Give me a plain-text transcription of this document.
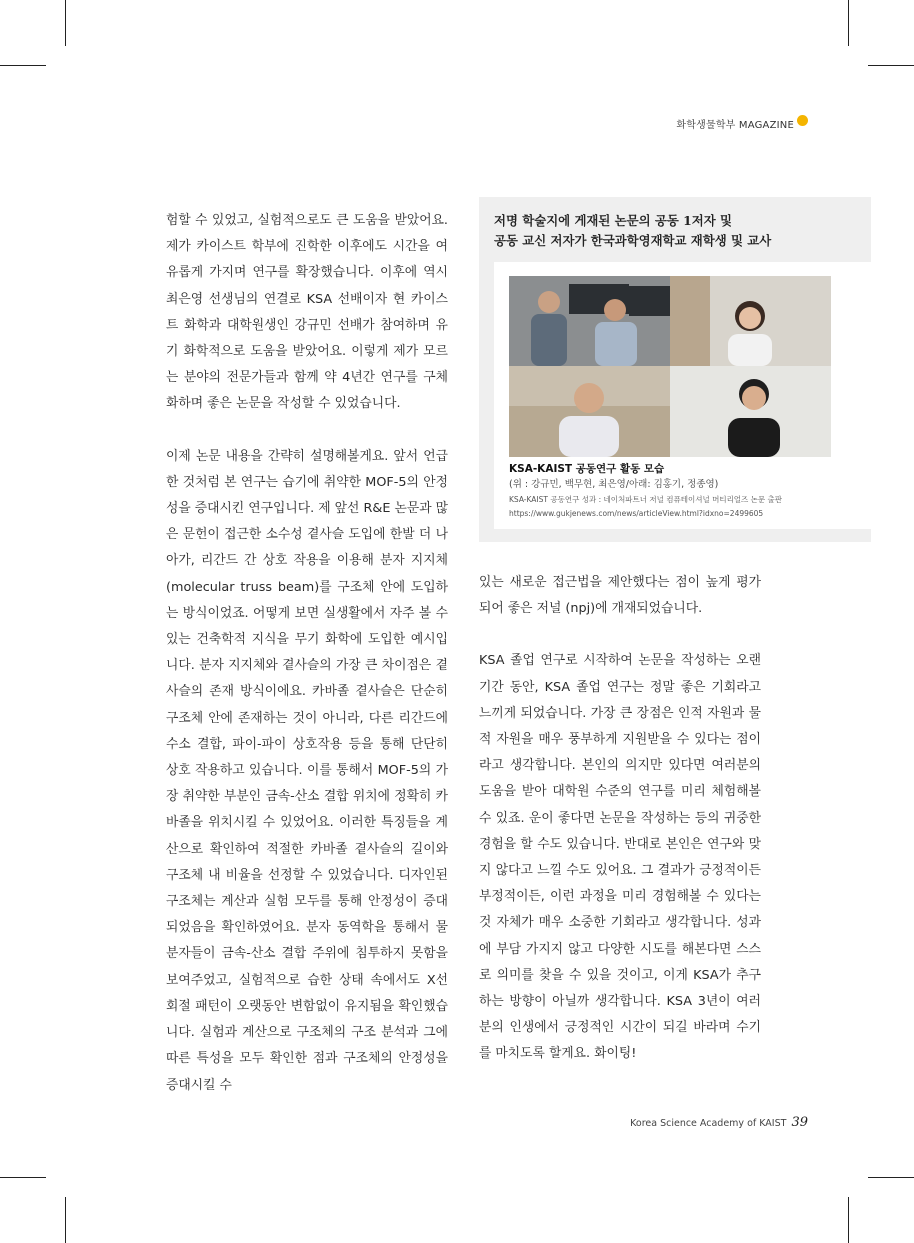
화학생물학부 MAGAZINE

험할 수 있었고, 실험적으로도 큰 도움을 받았어요. 제가 카이스트 학부에 진학한 이후에도 시간을 여유롭게 가지며 연구를 확장했습니다. 이후에 역시 최은영 선생님의 연결로 KSA 선배이자 현 카이스트 화학과 대학원생인 강규민 선배가 참여하며 유기 화학적으로 도움을 받았어요. 이렇게 제가 모르는 분야의 전문가들과 함께 약 4년간 연구를 구체화하며 좋은 논문을 작성할 수 있었습니다.

이제 논문 내용을 간략히 설명해볼게요. 앞서 언급한 것처럼 본 연구는 습기에 취약한 MOF-5의 안정성을 증대시킨 연구입니다. 제 앞선 R&E 논문과 많은 문헌이 접근한 소수성 곁사슬 도입에 한발 더 나아가, 리간드 간 상호 작용을 이용해 분자 지지체(molecular truss beam)를 구조체 안에 도입하는 방식이었죠. 어떻게 보면 실생활에서 자주 볼 수 있는 건축학적 지식을 무기 화학에 도입한 예시입니다. 분자 지지체와 곁사슬의 가장 큰 차이점은 곁사슬의 존재 방식이에요. 카바졸 곁사슬은 단순히 구조체 안에 존재하는 것이 아니라, 다른 리간드에 수소 결합, 파이-파이 상호작용 등을 통해 단단히 상호 작용하고 있습니다. 이를 통해서 MOF-5의 가장 취약한 부분인 금속-산소 결합 위치에 정확히 카바졸을 위치시킬 수 있었어요. 이러한 특징들을 계산으로 확인하여 적절한 카바졸 곁사슬의 길이와 구조체 내 비율을 선정할 수 있었습니다. 디자인된 구조체는 계산과 실험 모두를 통해 안정성이 증대되었음을 확인하였어요. 분자 동역학을 통해서 물 분자들이 금속-산소 결합 주위에 침투하지 못함을 보여주었고, 실험적으로 습한 상태 속에서도 X선 회절 패턴이 오랫동안 변함없이 유지됨을 확인했습니다. 실험과 계산으로 구조체의 구조 분석과 그에 따른 특성을 모두 확인한 점과 구조체의 안정성을 증대시킬 수

저명 학술지에 게재된 논문의 공동 1저자 및
공동 교신 저자가 한국과학영재학교 재학생 및 교사
KSA-KAIST 공동연구 활동 모습
(위 : 강규민, 백무현, 최은영/아래: 김홍기, 정종영)
KSA-KAIST 공동연구 성과 : 네이처파트너 저널 컴퓨테이셔널 머티리얼즈 논문 출판
https://www.gukjenews.com/news/articleView.html?idxno=2499605

있는 새로운 접근법을 제안했다는 점이 높게 평가되어 좋은 저널 (npj)에 개재되었습니다.

KSA 졸업 연구로 시작하여 논문을 작성하는 오랜 기간 동안, KSA 졸업 연구는 정말 좋은 기회라고 느끼게 되었습니다. 가장 큰 장점은 인적 자원과 물적 자원을 매우 풍부하게 지원받을 수 있다는 점이라고 생각합니다. 본인의 의지만 있다면 여러분의 도움을 받아 대학원 수준의 연구를 미리 체험해볼 수 있죠. 운이 좋다면 논문을 작성하는 등의 귀중한 경험을 할 수도 있습니다. 반대로 본인은 연구와 맞지 않다고 느낄 수도 있어요. 그 결과가 긍정적이든 부정적이든, 이런 과정을 미리 경험해볼 수 있다는 것 자체가 매우 소중한 기회라고 생각합니다. 성과에 부담 가지지 않고 다양한 시도를 해본다면 스스로 의미를 찾을 수 있을 것이고, 이게 KSA가 추구하는 방향이 아닐까 생각합니다. KSA 3년이 여러분의 인생에서 긍정적인 시간이 되길 바라며 수기를 마치도록 할게요. 화이팅!

Korea Science Academy of KAIST 39
